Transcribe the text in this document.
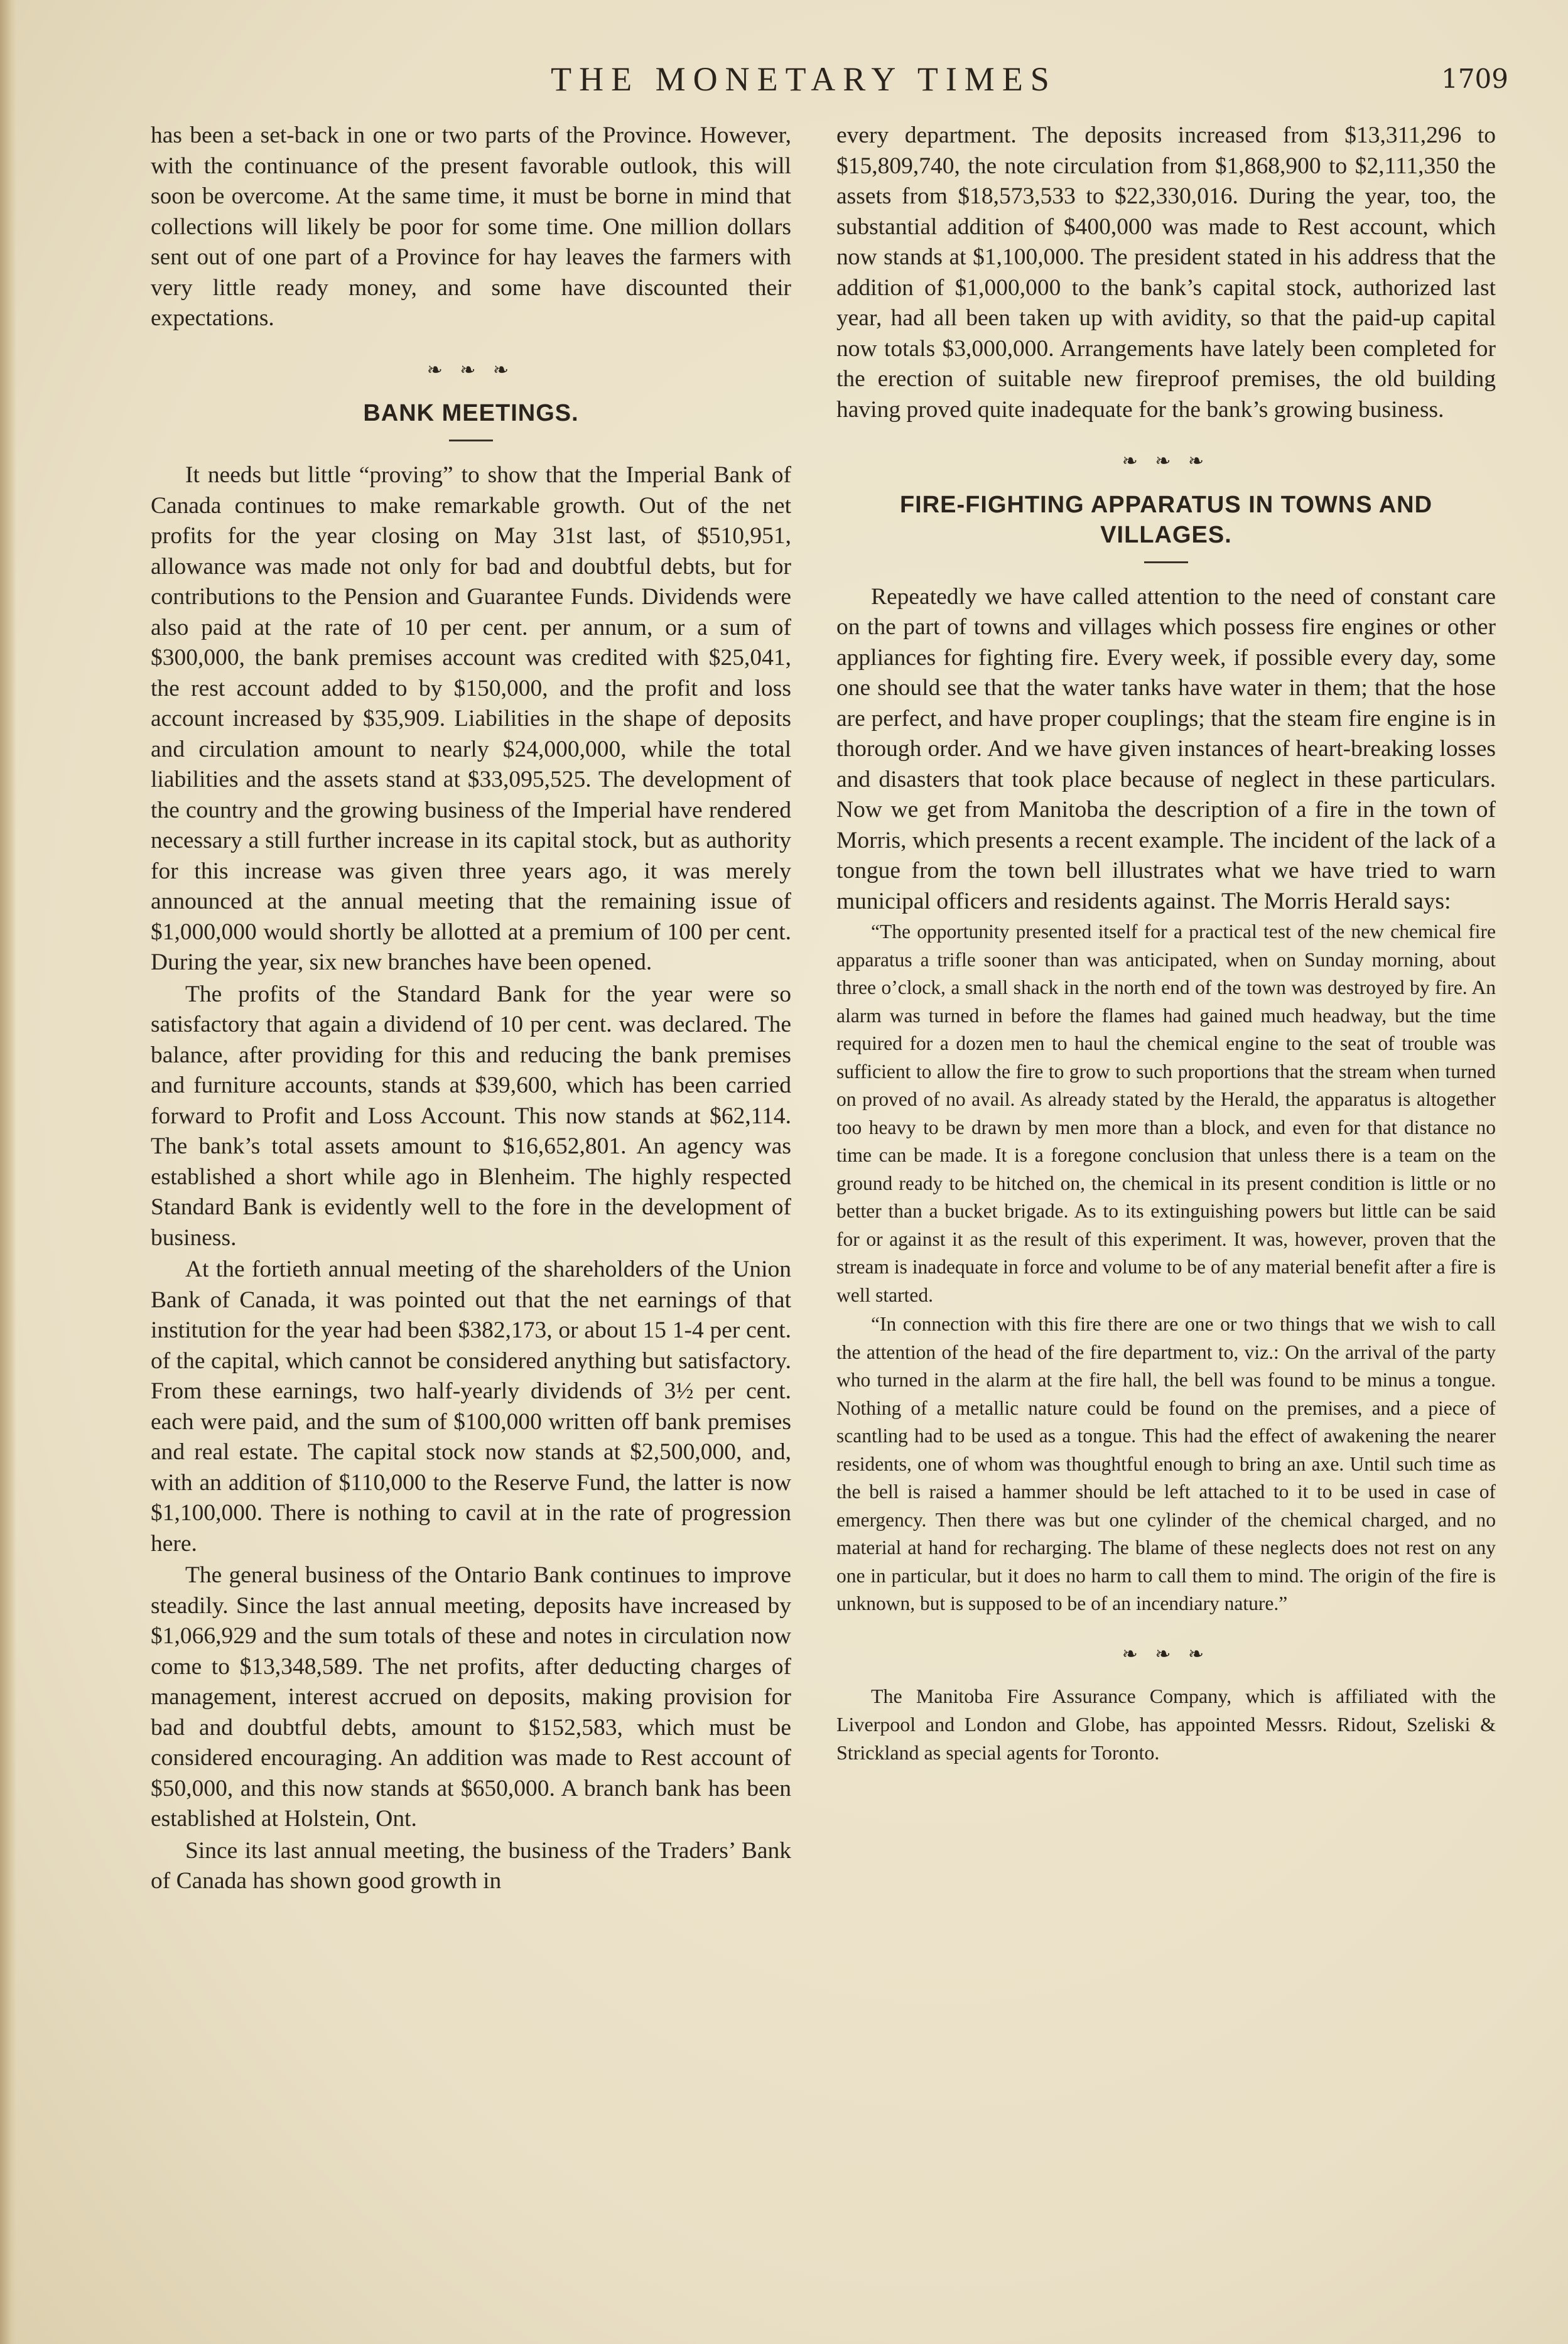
THE MONETARY TIMES	1709

has been a set-back in one or two parts of the Province. However, with the continuance of the present favorable outlook, this will soon be overcome. At the same time, it must be borne in mind that collections will likely be poor for some time. One million dollars sent out of one part of a Province for hay leaves the farmers with very little ready money, and some have discounted their expectations.

❧ ❧ ❧
BANK MEETINGS.

It needs but little “proving” to show that the Imperial Bank of Canada continues to make remarkable growth. Out of the net profits for the year closing on May 31st last, of $510,951, allowance was made not only for bad and doubtful debts, but for contributions to the Pension and Guarantee Funds. Dividends were also paid at the rate of 10 per cent. per annum, or a sum of $300,000, the bank premises account was credited with $25,041, the rest account added to by $150,000, and the profit and loss account increased by $35,909. Liabilities in the shape of deposits and circulation amount to nearly $24,000,000, while the total liabilities and the assets stand at $33,095,525. The development of the country and the growing business of the Imperial have rendered necessary a still further increase in its capital stock, but as authority for this increase was given three years ago, it was merely announced at the annual meeting that the remaining issue of $1,000,000 would shortly be allotted at a premium of 100 per cent. During the year, six new branches have been opened.

The profits of the Standard Bank for the year were so satisfactory that again a dividend of 10 per cent. was declared. The balance, after providing for this and reducing the bank premises and furniture accounts, stands at $39,600, which has been carried forward to Profit and Loss Account. This now stands at $62,114. The bank’s total assets amount to $16,652,801. An agency was established a short while ago in Blenheim. The highly respected Standard Bank is evidently well to the fore in the development of business.

At the fortieth annual meeting of the shareholders of the Union Bank of Canada, it was pointed out that the net earnings of that institution for the year had been $382,173, or about 15 1-4 per cent. of the capital, which cannot be considered anything but satisfactory. From these earnings, two half-yearly dividends of 3½ per cent. each were paid, and the sum of $100,000 written off bank premises and real estate. The capital stock now stands at $2,500,000, and, with an addition of $110,000 to the Reserve Fund, the latter is now $1,100,000. There is nothing to cavil at in the rate of progression here.

The general business of the Ontario Bank continues to improve steadily. Since the last annual meeting, deposits have increased by $1,066,929 and the sum totals of these and notes in circulation now come to $13,348,589. The net profits, after deducting charges of management, interest accrued on deposits, making provision for bad and doubtful debts, amount to $152,583, which must be considered encouraging. An addition was made to Rest account of $50,000, and this now stands at $650,000. A branch bank has been established at Holstein, Ont.

Since its last annual meeting, the business of the Traders’ Bank of Canada has shown good growth in

every department. The deposits increased from $13,311,296 to $15,809,740, the note circulation from $1,868,900 to $2,111,350 the assets from $18,573,533 to $22,330,016. During the year, too, the substantial addition of $400,000 was made to Rest account, which now stands at $1,100,000. The president stated in his address that the addition of $1,000,000 to the bank’s capital stock, authorized last year, had all been taken up with avidity, so that the paid-up capital now totals $3,000,000. Arrangements have lately been completed for the erection of suitable new fireproof premises, the old building having proved quite inadequate for the bank’s growing business.

❧ ❧ ❧
FIRE-FIGHTING APPARATUS IN TOWNS AND VILLAGES.

Repeatedly we have called attention to the need of constant care on the part of towns and villages which possess fire engines or other appliances for fighting fire. Every week, if possible every day, some one should see that the water tanks have water in them; that the hose are perfect, and have proper couplings; that the steam fire engine is in thorough order. And we have given instances of heart-breaking losses and disasters that took place because of neglect in these particulars. Now we get from Manitoba the description of a fire in the town of Morris, which presents a recent example. The incident of the lack of a tongue from the town bell illustrates what we have tried to warn municipal officers and residents against. The Morris Herald says:

“The opportunity presented itself for a practical test of the new chemical fire apparatus a trifle sooner than was anticipated, when on Sunday morning, about three o’clock, a small shack in the north end of the town was destroyed by fire. An alarm was turned in before the flames had gained much headway, but the time required for a dozen men to haul the chemical engine to the seat of trouble was sufficient to allow the fire to grow to such proportions that the stream when turned on proved of no avail. As already stated by the Herald, the apparatus is altogether too heavy to be drawn by men more than a block, and even for that distance no time can be made. It is a foregone conclusion that unless there is a team on the ground ready to be hitched on, the chemical in its present condition is little or no better than a bucket brigade. As to its extinguishing powers but little can be said for or against it as the result of this experiment. It was, however, proven that the stream is inadequate in force and volume to be of any material benefit after a fire is well started.

“In connection with this fire there are one or two things that we wish to call the attention of the head of the fire department to, viz.: On the arrival of the party who turned in the alarm at the fire hall, the bell was found to be minus a tongue. Nothing of a metallic nature could be found on the premises, and a piece of scantling had to be used as a tongue. This had the effect of awakening the nearer residents, one of whom was thoughtful enough to bring an axe. Until such time as the bell is raised a hammer should be left attached to it to be used in case of emergency. Then there was but one cylinder of the chemical charged, and no material at hand for recharging. The blame of these neglects does not rest on any one in particular, but it does no harm to call them to mind. The origin of the fire is unknown, but is supposed to be of an incendiary nature.”

❧ ❧ ❧

The Manitoba Fire Assurance Company, which is affiliated with the Liverpool and London and Globe, has appointed Messrs. Ridout, Szeliski & Strickland as special agents for Toronto.
